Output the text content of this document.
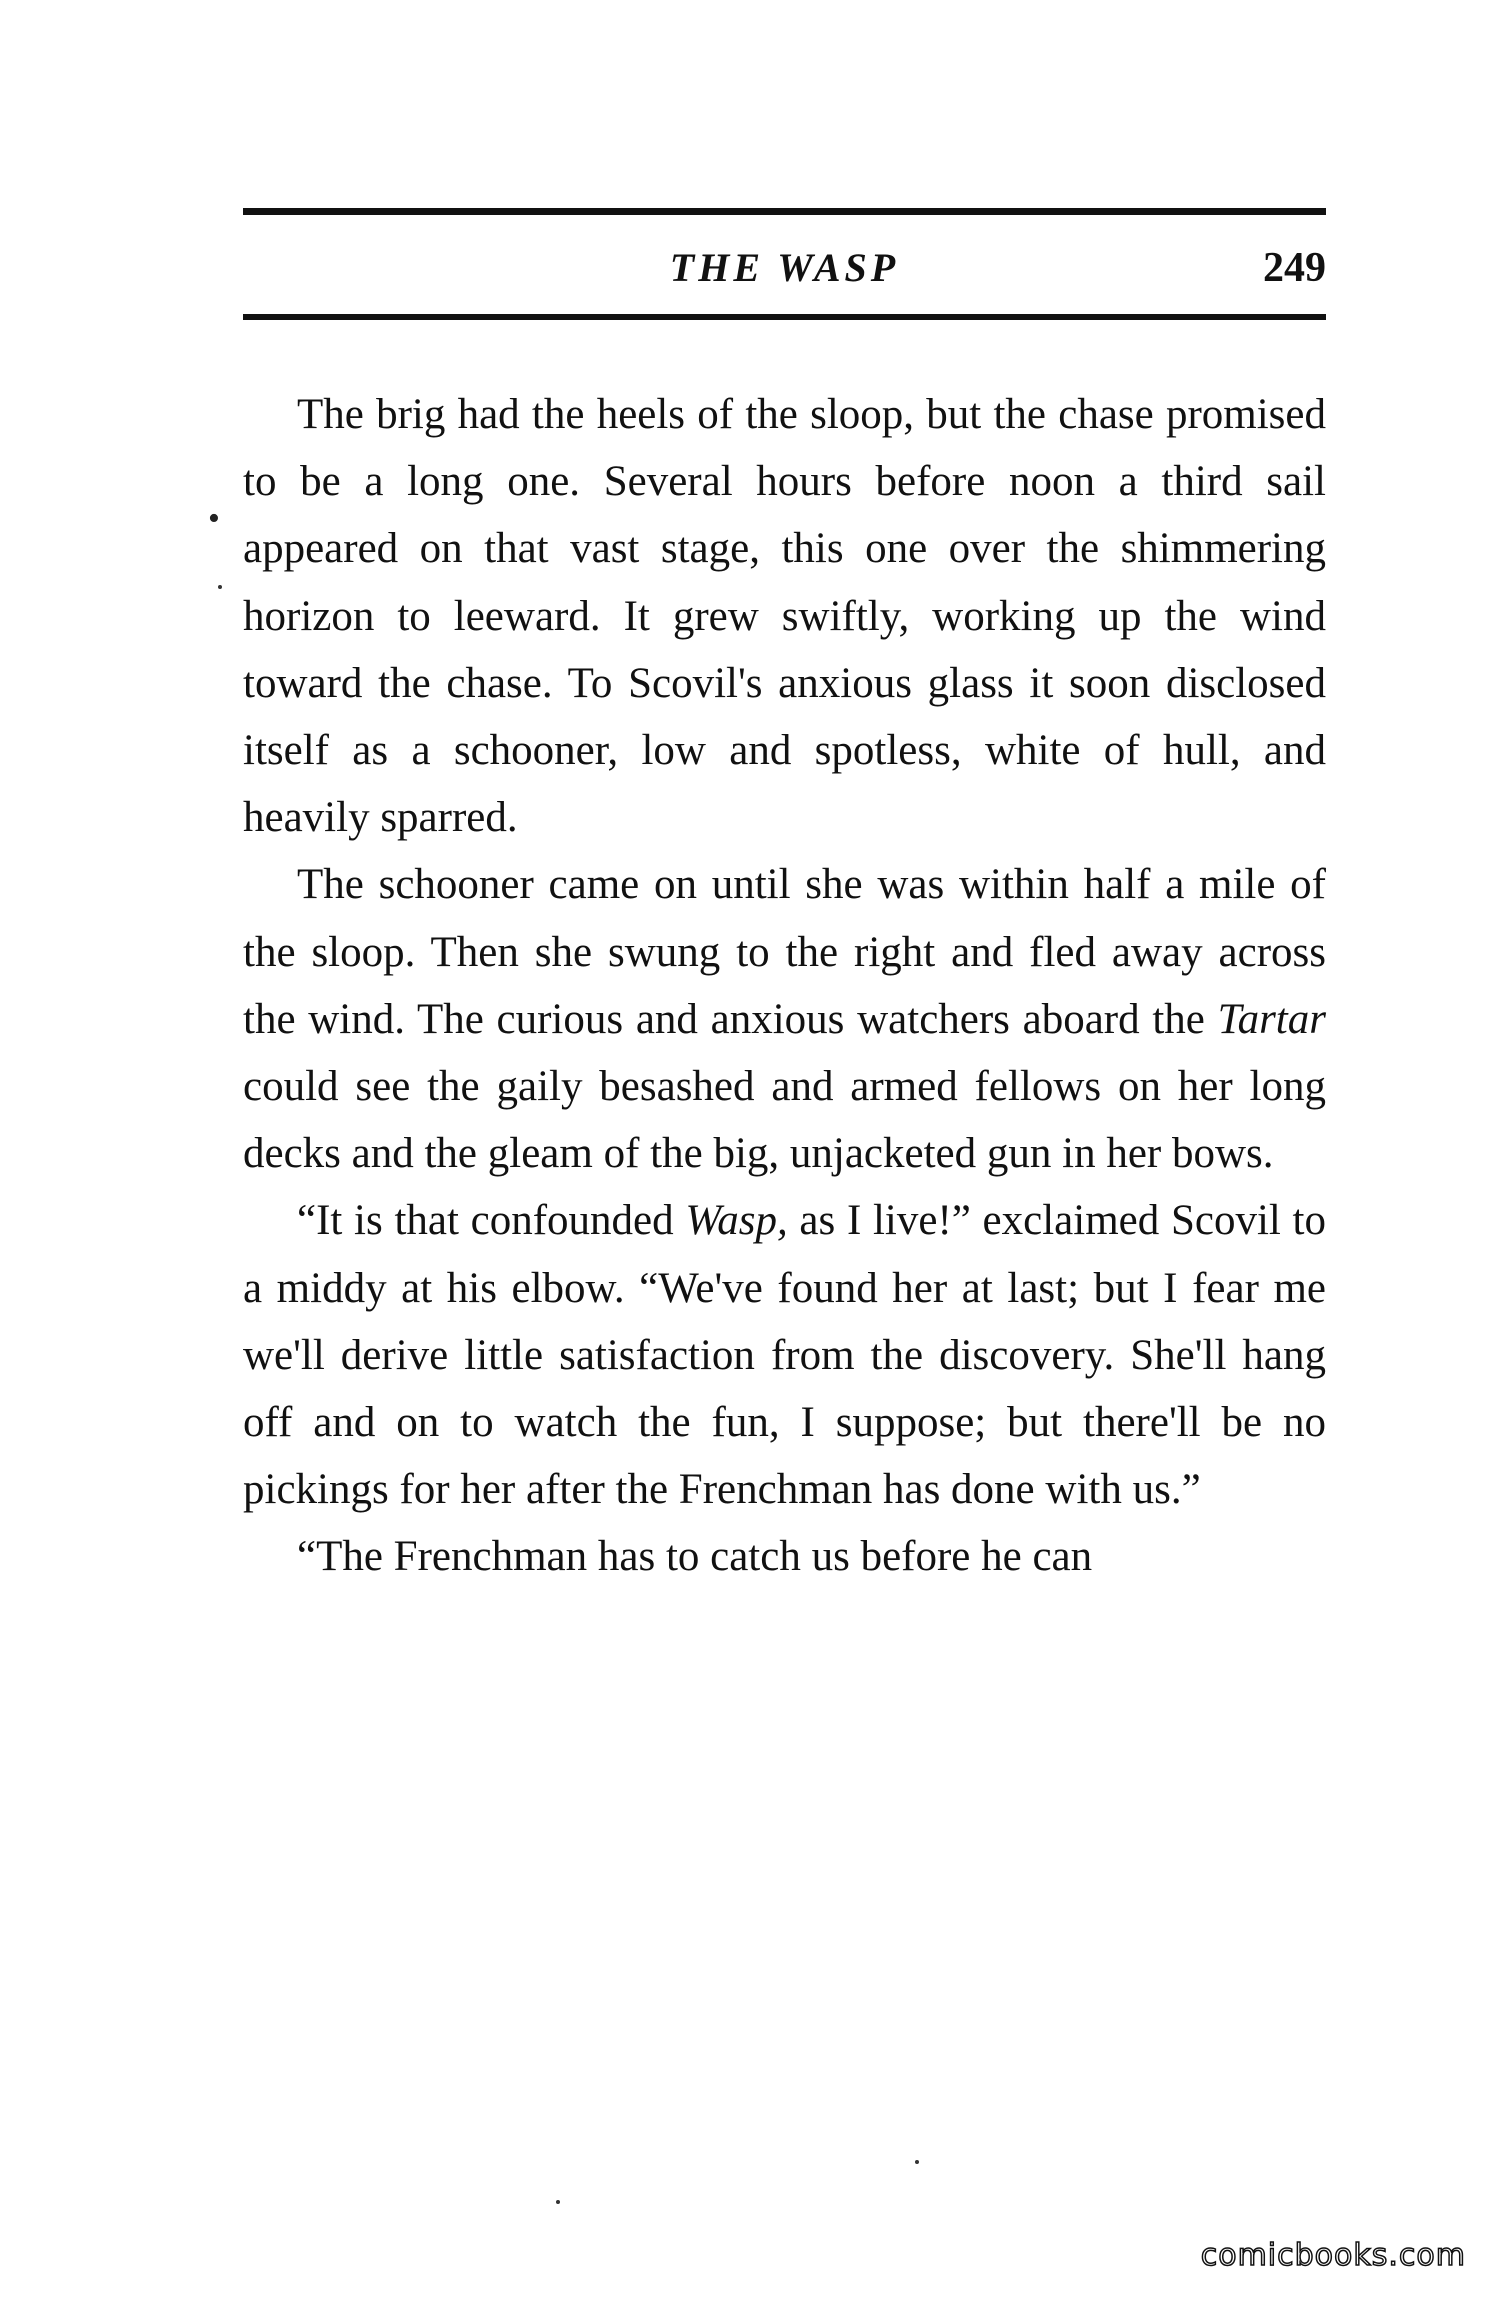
THE WASP	249
•

The brig had the heels of the sloop, but the chase promised to be a long one. Several hours before noon a third sail appeared on that vast stage, this one over the shimmering horizon to leeward. It grew swiftly, working up the wind toward the chase. To Scovil's anxious glass it soon disclosed itself as a schooner, low and spotless, white of hull, and heavily sparred.

The schooner came on until she was within half a mile of the sloop. Then she swung to the right and fled away across the wind. The curious and anxious watchers aboard the Tartar could see the gaily besashed and armed fellows on her long decks and the gleam of the big, unjacketed gun in her bows.

“It is that confounded Wasp, as I live!” exclaimed Scovil to a middy at his elbow. “We've found her at last; but I fear me we'll derive little satisfaction from the discovery. She'll hang off and on to watch the fun, I suppose; but there'll be no pickings for her after the Frenchman has done with us.”

“The Frenchman has to catch us before he can

comicbooks.com
